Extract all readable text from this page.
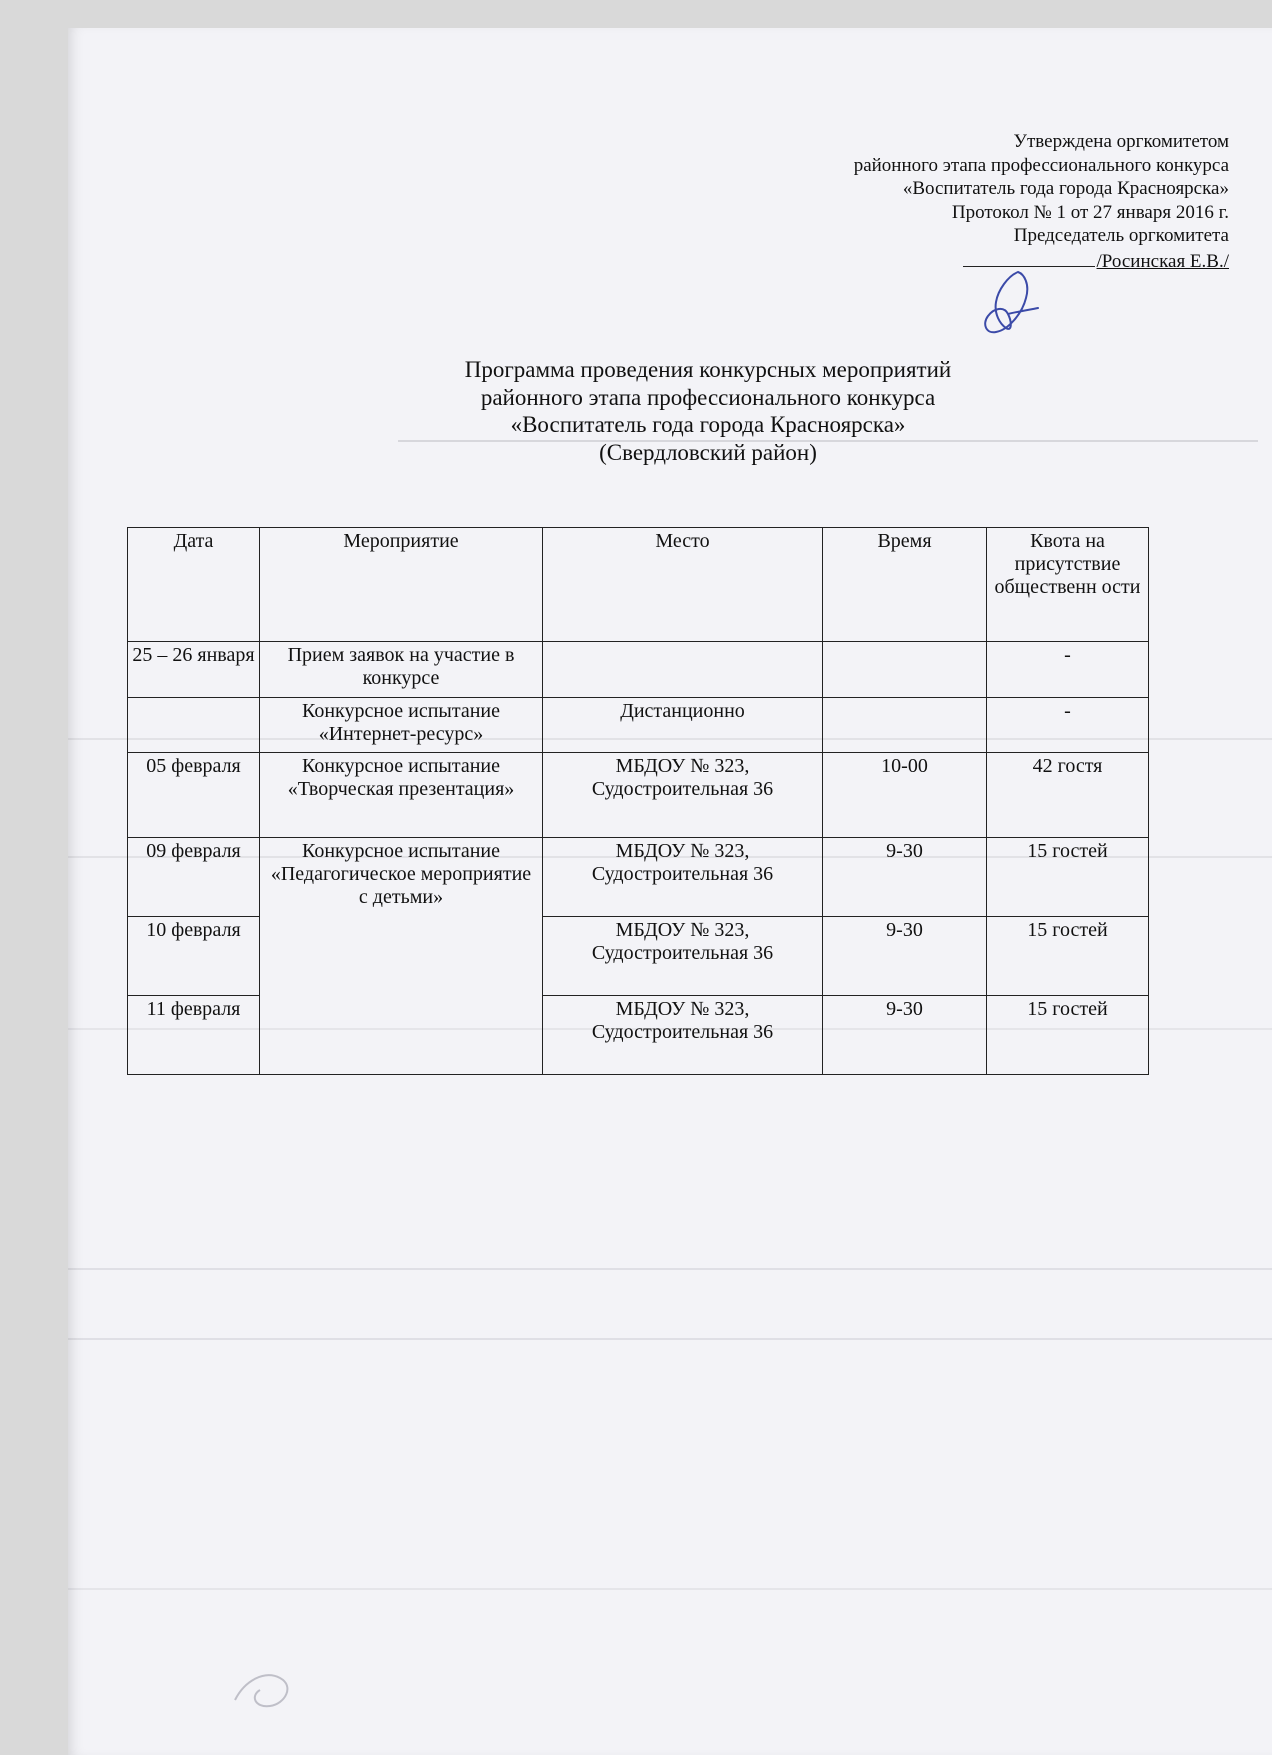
Утверждена оргкомитетом
районного этапа профессионального конкурса
«Воспитатель года города Красноярска»
Протокол № 1 от 27 января 2016 г.
Председатель оргкомитета
/Росинская Е.В./
Программа проведения конкурсных мероприятий
районного этапа профессионального конкурса
«Воспитатель года города Красноярска»
(Свердловский район)
Дата	Мероприятие	Место	Время	Квота на присутствие общественн ости
25 – 26 января	Прием заявок на участие в конкурсе			-
	Конкурсное испытание «Интернет-ресурс»	Дистанционно		-
05 февраля	Конкурсное испытание «Творческая презентация»	МБДОУ № 323, Судостроительная 36	10-00	42 гостя
09 февраля	Конкурсное испытание «Педагогическое мероприятие с детьми»	МБДОУ № 323, Судостроительная 36	9-30	15 гостей
10 февраля		МБДОУ № 323, Судостроительная 36	9-30	15 гостей
11 февраля		МБДОУ № 323, Судостроительная 36	9-30	15 гостей
